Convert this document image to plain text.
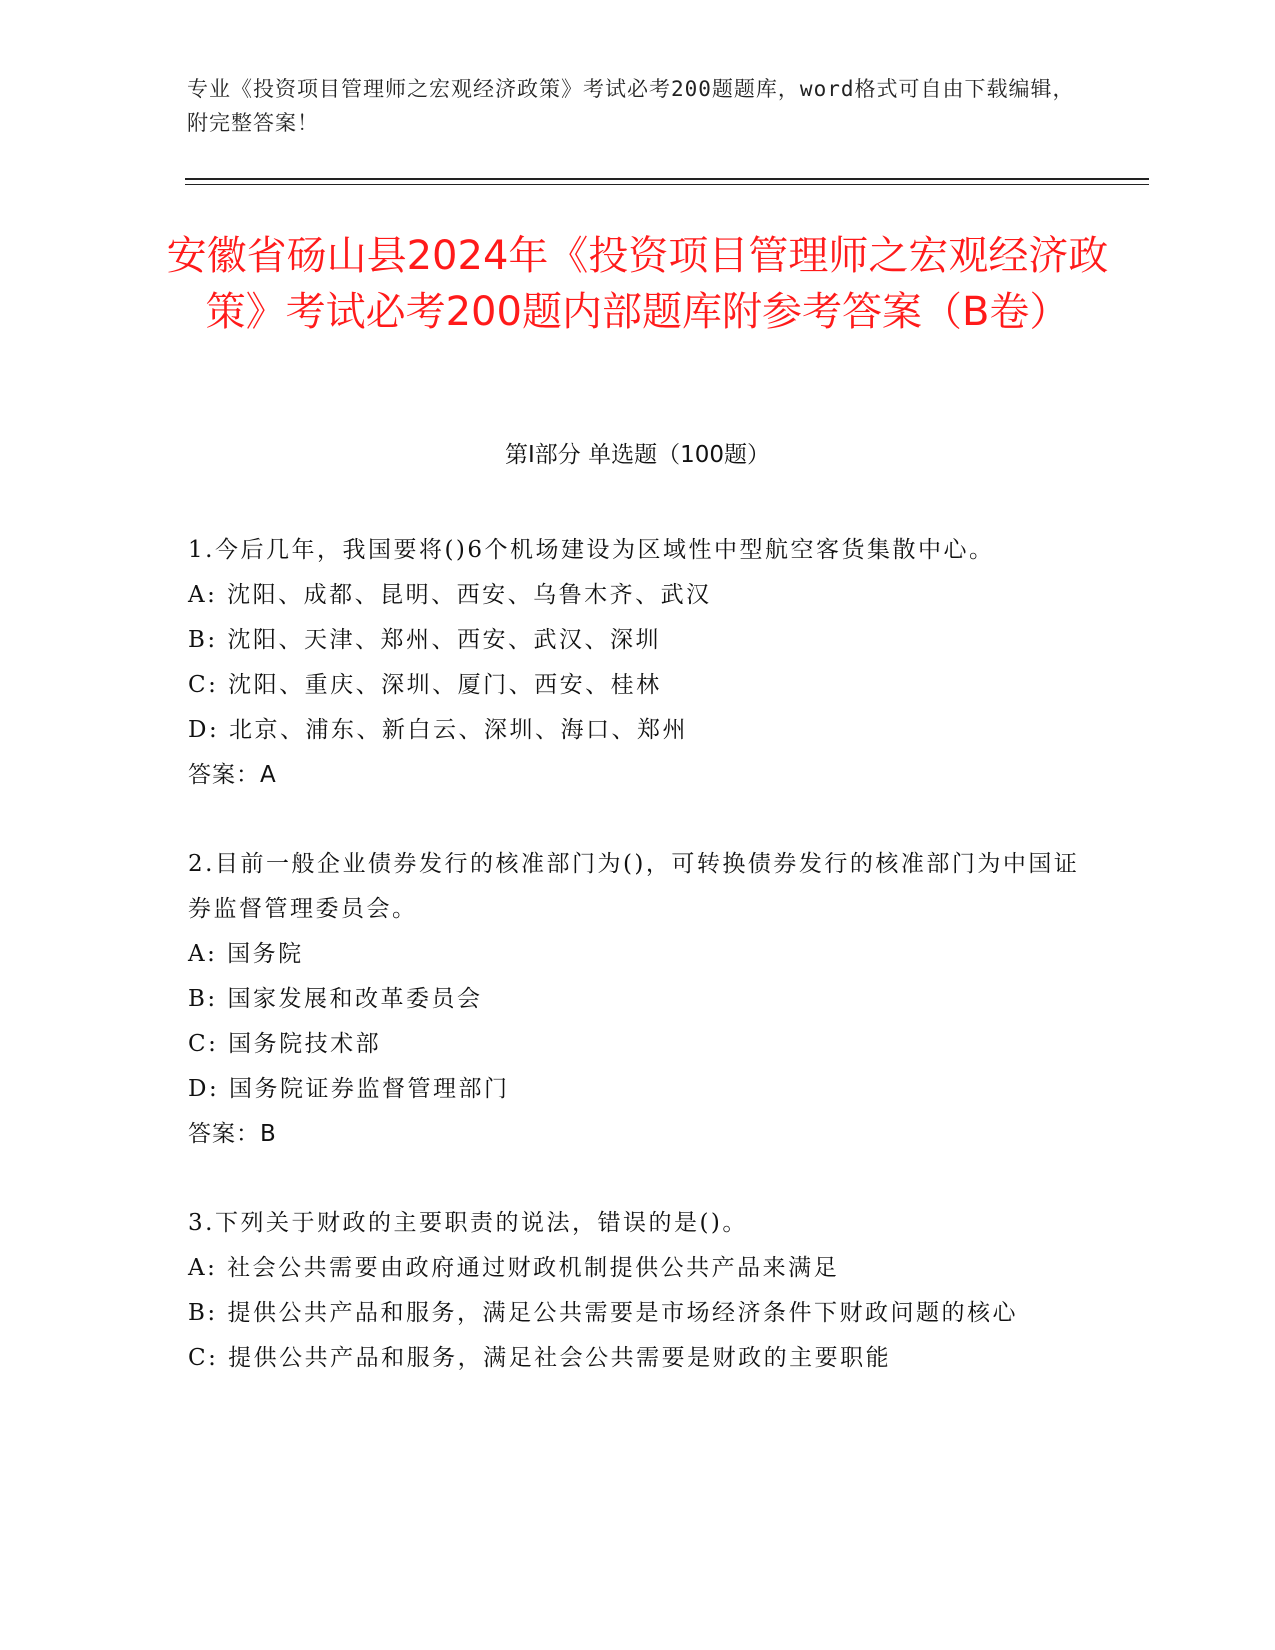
专业《投资项目管理师之宏观经济政策》考试必考200题题库，word格式可自由下载编辑，附完整答案！

安徽省砀山县2024年《投资项目管理师之宏观经济政策》考试必考200题内部题库附参考答案（B卷）
第I部分 单选题（100题）

1.今后几年，我国要将()6个机场建设为区域性中型航空客货集散中心。

A: 沈阳、成都、昆明、西安、乌鲁木齐、武汉

B: 沈阳、天津、郑州、西安、武汉、深圳

C: 沈阳、重庆、深圳、厦门、西安、桂林

D: 北京、浦东、新白云、深圳、海口、郑州

答案：A

2.目前一般企业债券发行的核准部门为()，可转换债券发行的核准部门为中国证券监督管理委员会。

A: 国务院

B: 国家发展和改革委员会

C: 国务院技术部

D: 国务院证券监督管理部门

答案：B

3.下列关于财政的主要职责的说法，错误的是()。

A: 社会公共需要由政府通过财政机制提供公共产品来满足

B: 提供公共产品和服务，满足公共需要是市场经济条件下财政问题的核心

C: 提供公共产品和服务，满足社会公共需要是财政的主要职能
